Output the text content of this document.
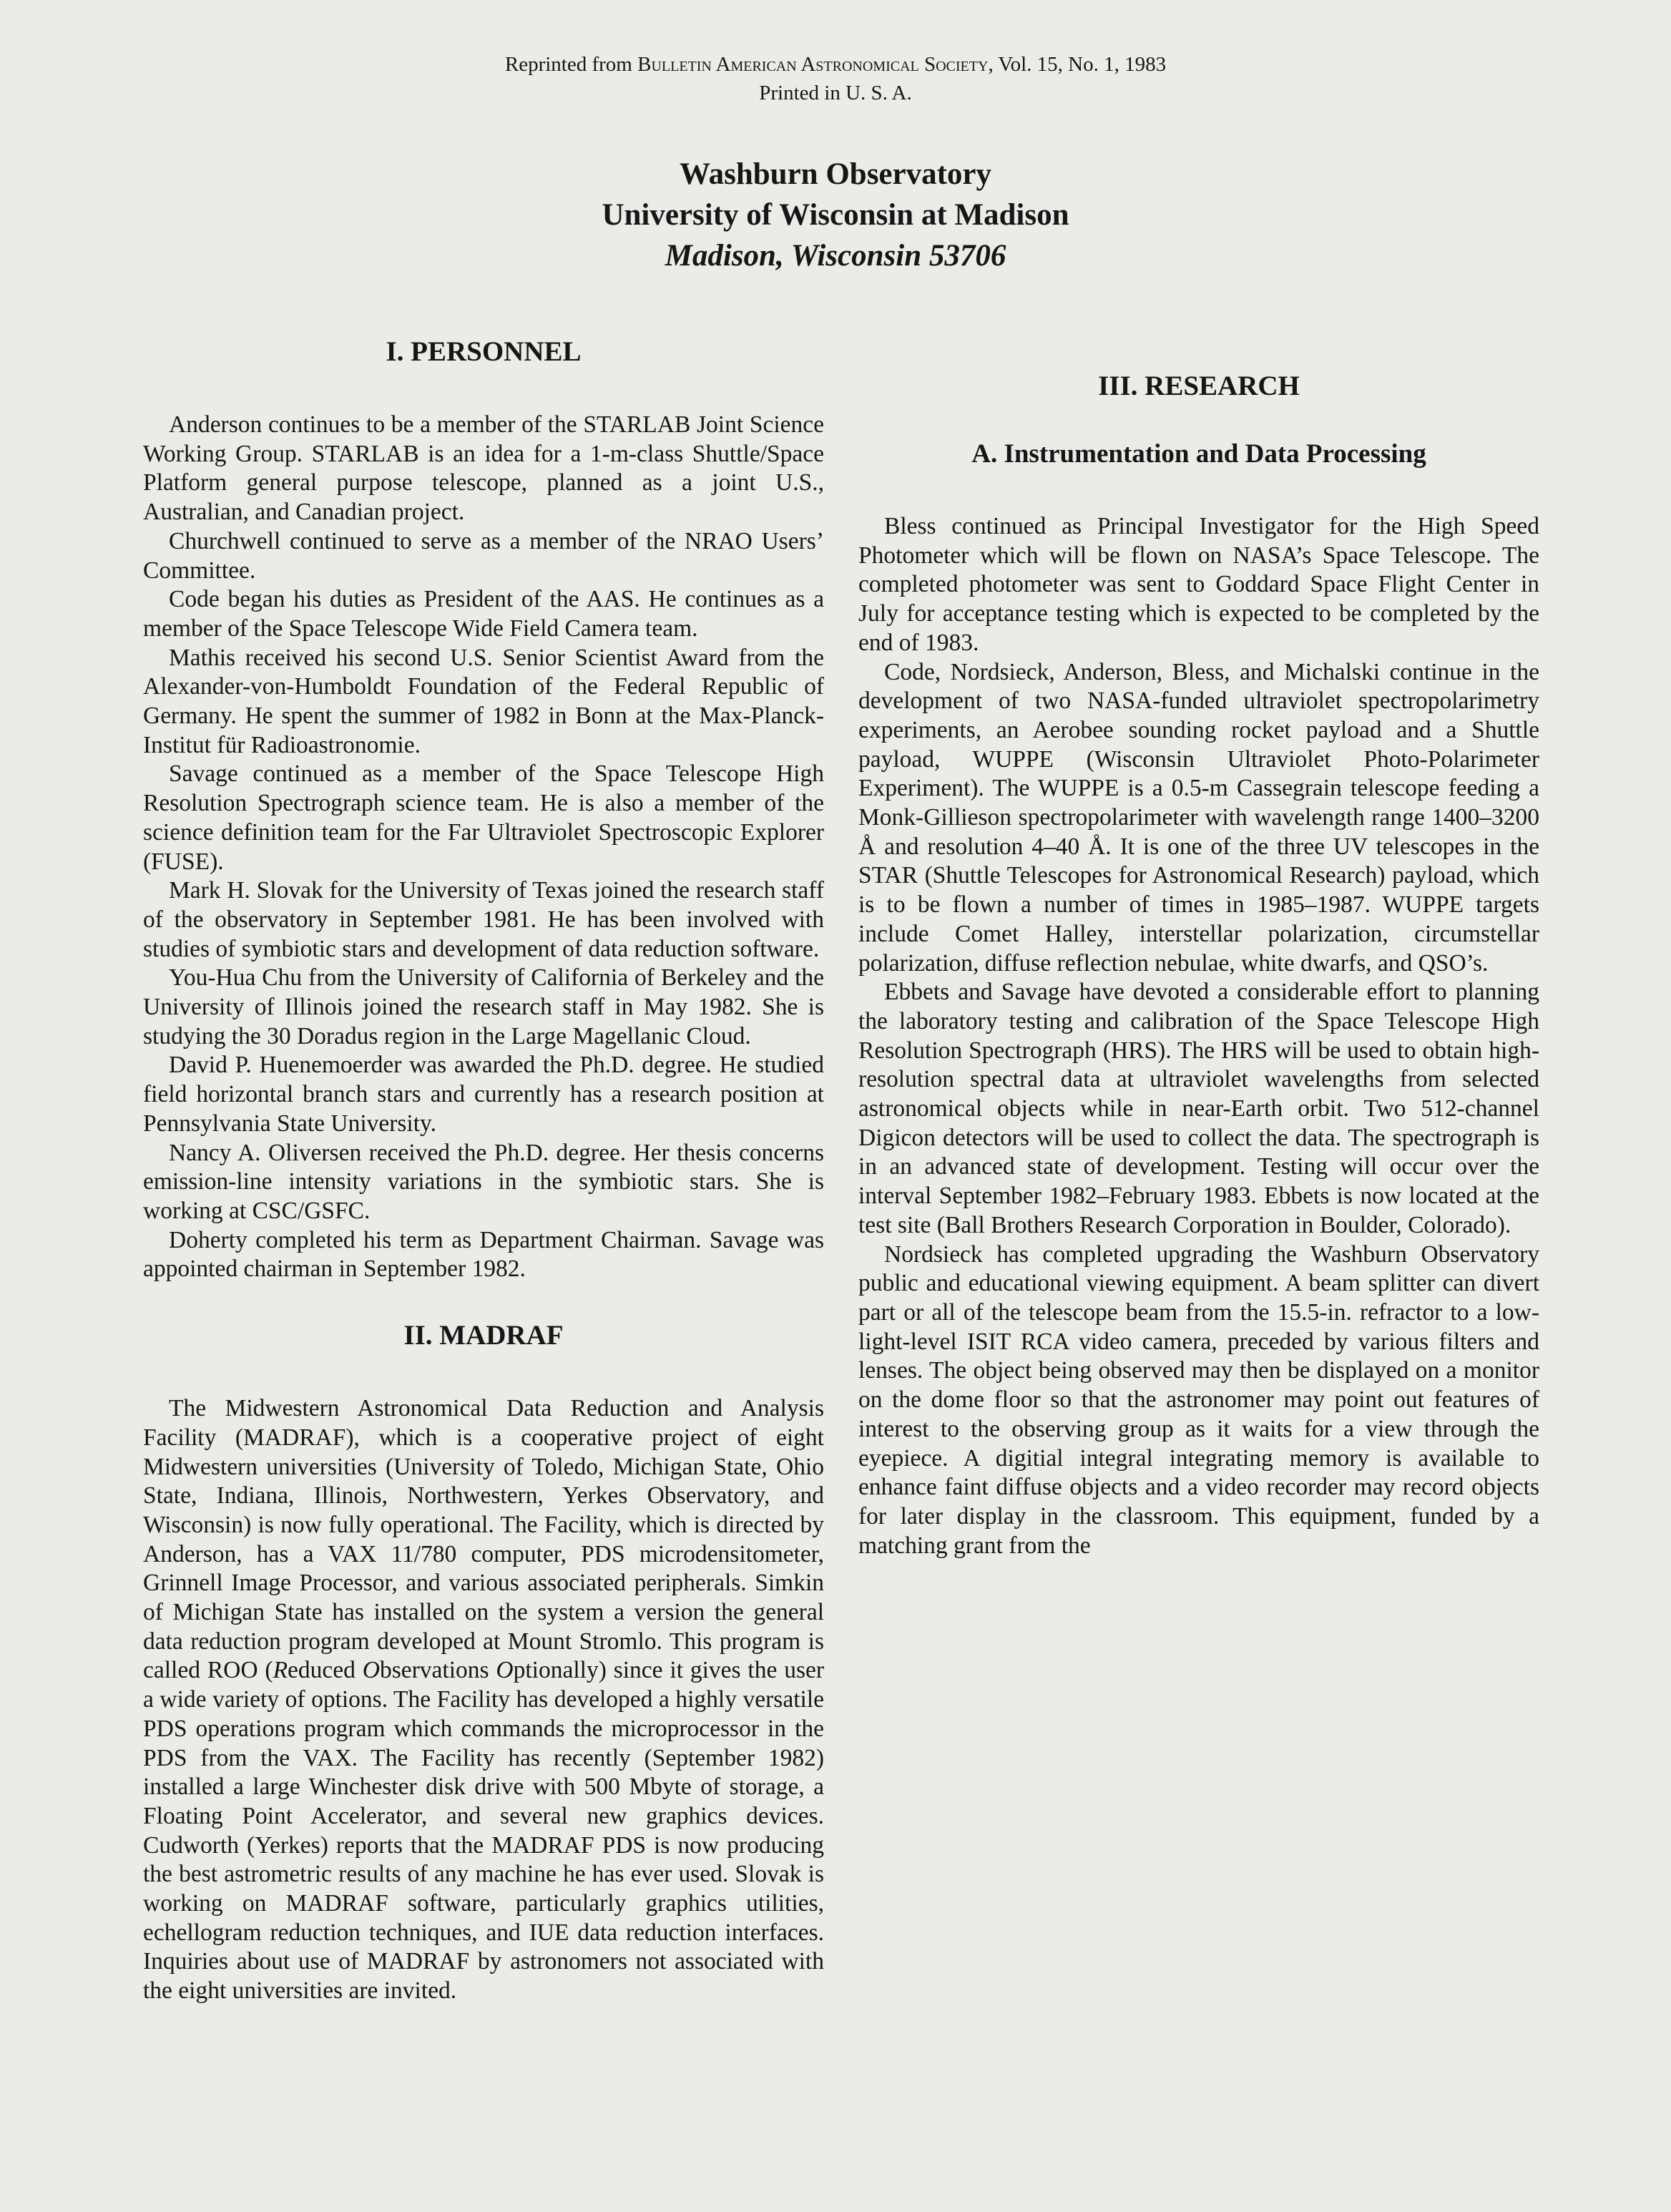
Reprinted from Bulletin American Astronomical Society, Vol. 15, No. 1, 1983
Printed in U. S. A.
Washburn Observatory
University of Wisconsin at Madison
Madison, Wisconsin 53706
I. PERSONNEL

Anderson continues to be a member of the STARLAB Joint Science Working Group. STARLAB is an idea for a 1-m-class Shuttle/Space Platform general purpose telescope, planned as a joint U.S., Australian, and Canadian project.

Churchwell continued to serve as a member of the NRAO Users’ Committee.

Code began his duties as President of the AAS. He continues as a member of the Space Telescope Wide Field Camera team.

Mathis received his second U.S. Senior Scientist Award from the Alexander-von-Humboldt Foundation of the Federal Republic of Germany. He spent the summer of 1982 in Bonn at the Max-Planck-Institut für Radioastronomie.

Savage continued as a member of the Space Telescope High Resolution Spectrograph science team. He is also a member of the science definition team for the Far Ultraviolet Spectroscopic Explorer (FUSE).

Mark H. Slovak for the University of Texas joined the research staff of the observatory in September 1981. He has been involved with studies of symbiotic stars and development of data reduction software.

You-Hua Chu from the University of California of Berkeley and the University of Illinois joined the research staff in May 1982. She is studying the 30 Doradus region in the Large Magellanic Cloud.

David P. Huenemoerder was awarded the Ph.D. degree. He studied field horizontal branch stars and currently has a research position at Pennsylvania State University.

Nancy A. Oliversen received the Ph.D. degree. Her thesis concerns emission-line intensity variations in the symbiotic stars. She is working at CSC/GSFC.

Doherty completed his term as Department Chairman. Savage was appointed chairman in September 1982.

II. MADRAF

The Midwestern Astronomical Data Reduction and Analysis Facility (MADRAF), which is a cooperative project of eight Midwestern universities (University of Toledo, Michigan State, Ohio State, Indiana, Illinois, Northwestern, Yerkes Observatory, and Wisconsin) is now fully operational. The Facility, which is directed by Anderson, has a VAX 11/780 computer, PDS microdensitometer, Grinnell Image Processor, and various associated peripherals. Simkin of Michigan State has installed on the system a version the general data reduction program developed at Mount Stromlo. This program is called ROO (Reduced Observations Optionally) since it gives the user a wide variety of options. The Facility has developed a highly versatile PDS operations program which commands the microprocessor in the PDS from the VAX. The Facility has recently (September 1982) installed a large Winchester disk drive with 500 Mbyte of storage, a Floating Point Accelerator, and several new graphics devices. Cudworth (Yerkes) reports that the MADRAF PDS is now producing the best astrometric results of any machine he has ever used. Slovak is working on MADRAF software, particularly graphics utilities, echellogram reduction techniques, and IUE data reduction interfaces. Inquiries about use of MADRAF by astronomers not associated with the eight universities are invited.

III. RESEARCH
A. Instrumentation and Data Processing

Bless continued as Principal Investigator for the High Speed Photometer which will be flown on NASA’s Space Telescope. The completed photometer was sent to Goddard Space Flight Center in July for acceptance testing which is expected to be completed by the end of 1983.

Code, Nordsieck, Anderson, Bless, and Michalski continue in the development of two NASA-funded ultraviolet spectropolarimetry experiments, an Aerobee sounding rocket payload and a Shuttle payload, WUPPE (Wisconsin Ultraviolet Photo-Polarimeter Experiment). The WUPPE is a 0.5-m Cassegrain telescope feeding a Monk-Gillieson spectropolarimeter with wavelength range 1400–3200 Å and resolution 4–40 Å. It is one of the three UV telescopes in the STAR (Shuttle Telescopes for Astronomical Research) payload, which is to be flown a number of times in 1985–1987. WUPPE targets include Comet Halley, interstellar polarization, circumstellar polarization, diffuse reflection nebulae, white dwarfs, and QSO’s.

Ebbets and Savage have devoted a considerable effort to planning the laboratory testing and calibration of the Space Telescope High Resolution Spectrograph (HRS). The HRS will be used to obtain high-resolution spectral data at ultraviolet wavelengths from selected astronomical objects while in near-Earth orbit. Two 512-channel Digicon detectors will be used to collect the data. The spectrograph is in an advanced state of development. Testing will occur over the interval September 1982–February 1983. Ebbets is now located at the test site (Ball Brothers Research Corporation in Boulder, Colorado).

Nordsieck has completed upgrading the Washburn Observatory public and educational viewing equipment. A beam splitter can divert part or all of the telescope beam from the 15.5-in. refractor to a low-light-level ISIT RCA video camera, preceded by various filters and lenses. The object being observed may then be displayed on a monitor on the dome floor so that the astronomer may point out features of interest to the observing group as it waits for a view through the eyepiece. A digitial integral integrating memory is available to enhance faint diffuse objects and a video recorder may record objects for later display in the classroom. This equipment, funded by a matching grant from the
